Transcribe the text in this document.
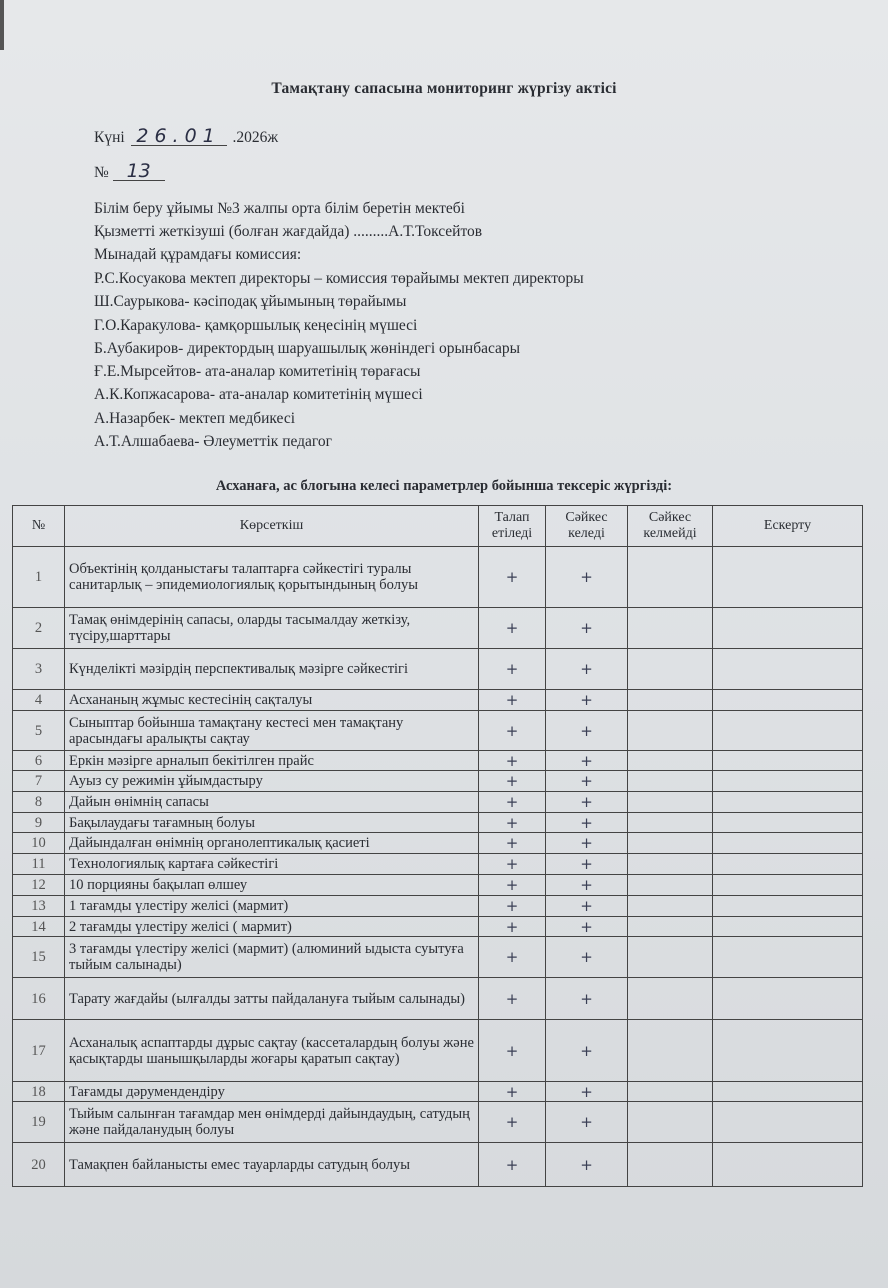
Тамақтану сапасына мониторинг жүргізу актісі
Күні 26.01 .2026ж
№ 13
Білім беру ұйымы №3 жалпы орта білім беретін мектебі
Қызметті жеткізуші (болған жағдайда) .........А.Т.Токсейтов
Мынадай құрамдағы комиссия:
Р.С.Косуакова мектеп директоры – комиссия төрайымы мектеп директоры
Ш.Саурыкова- кәсіподақ ұйымының төрайымы
Г.О.Каракулова- қамқоршылық кеңесінің мүшесі
Б.Аубакиров- директордың шаруашылық жөніндегі орынбасары
Ғ.Е.Мырсейтов- ата-аналар комитетінің төрағасы
А.К.Копжасарова- ата-аналар комитетінің мүшесі
А.Назарбек- мектеп медбикесі
А.Т.Алшабаева- Әлеуметтік педагог
Асханаға, ас блогына келесі параметрлер бойынша тексеріс жүргізді:
№	Көрсеткіш	Талап етіледі	Сәйкес келеді	Сәйкес келмейді	Ескерту
1	Объектінің қолданыстағы талаптарға сәйкестігі туралы санитарлық – эпидемиологиялық қорытындының болуы	+	+		
2	Тамақ өнімдерінің сапасы, оларды тасымалдау жеткізу, түсіру,шарттары	+	+		
3	Күнделікті мәзірдің перспективалық мәзірге сәйкестігі	+	+		
4	Асхананың жұмыс кестесінің сақталуы	+	+		
5	Сыныптар бойынша тамақтану кестесі мен тамақтану арасындағы аралықты сақтау	+	+		
6	Еркін мәзірге арналып бекітілген прайс	+	+		
7	Ауыз су режимін ұйымдастыру	+	+		
8	Дайын өнімнің сапасы	+	+		
9	Бақылаудағы тағамның болуы	+	+		
10	Дайындалған өнімнің органолептикалық қасиеті	+	+		
11	Технологиялық картаға сәйкестігі	+	+		
12	10 порцияны бақылап өлшеу	+	+		
13	1 тағамды үлестіру желісі (мармит)	+	+		
14	2 тағамды үлестіру желісі ( мармит)	+	+		
15	3 тағамды үлестіру желісі (мармит) (алюминий ыдыста суытуға тыйым салынады)	+	+		
16	Тарату жағдайы (ылғалды затты пайдалануға тыйым салынады)	+	+		
17	Асханалық аспаптарды дұрыс сақтау (кассеталардың болуы және қасықтарды шанышқыларды жоғары қаратып сақтау)	+	+		
18	Тағамды дәрумендендіру	+	+		
19	Тыйым салынған тағамдар мен өнімдерді дайындаудың, сатудың және пайдаланудың болуы	+	+		
20	Тамақпен байланысты емес тауарларды сатудың болуы	+	+		
